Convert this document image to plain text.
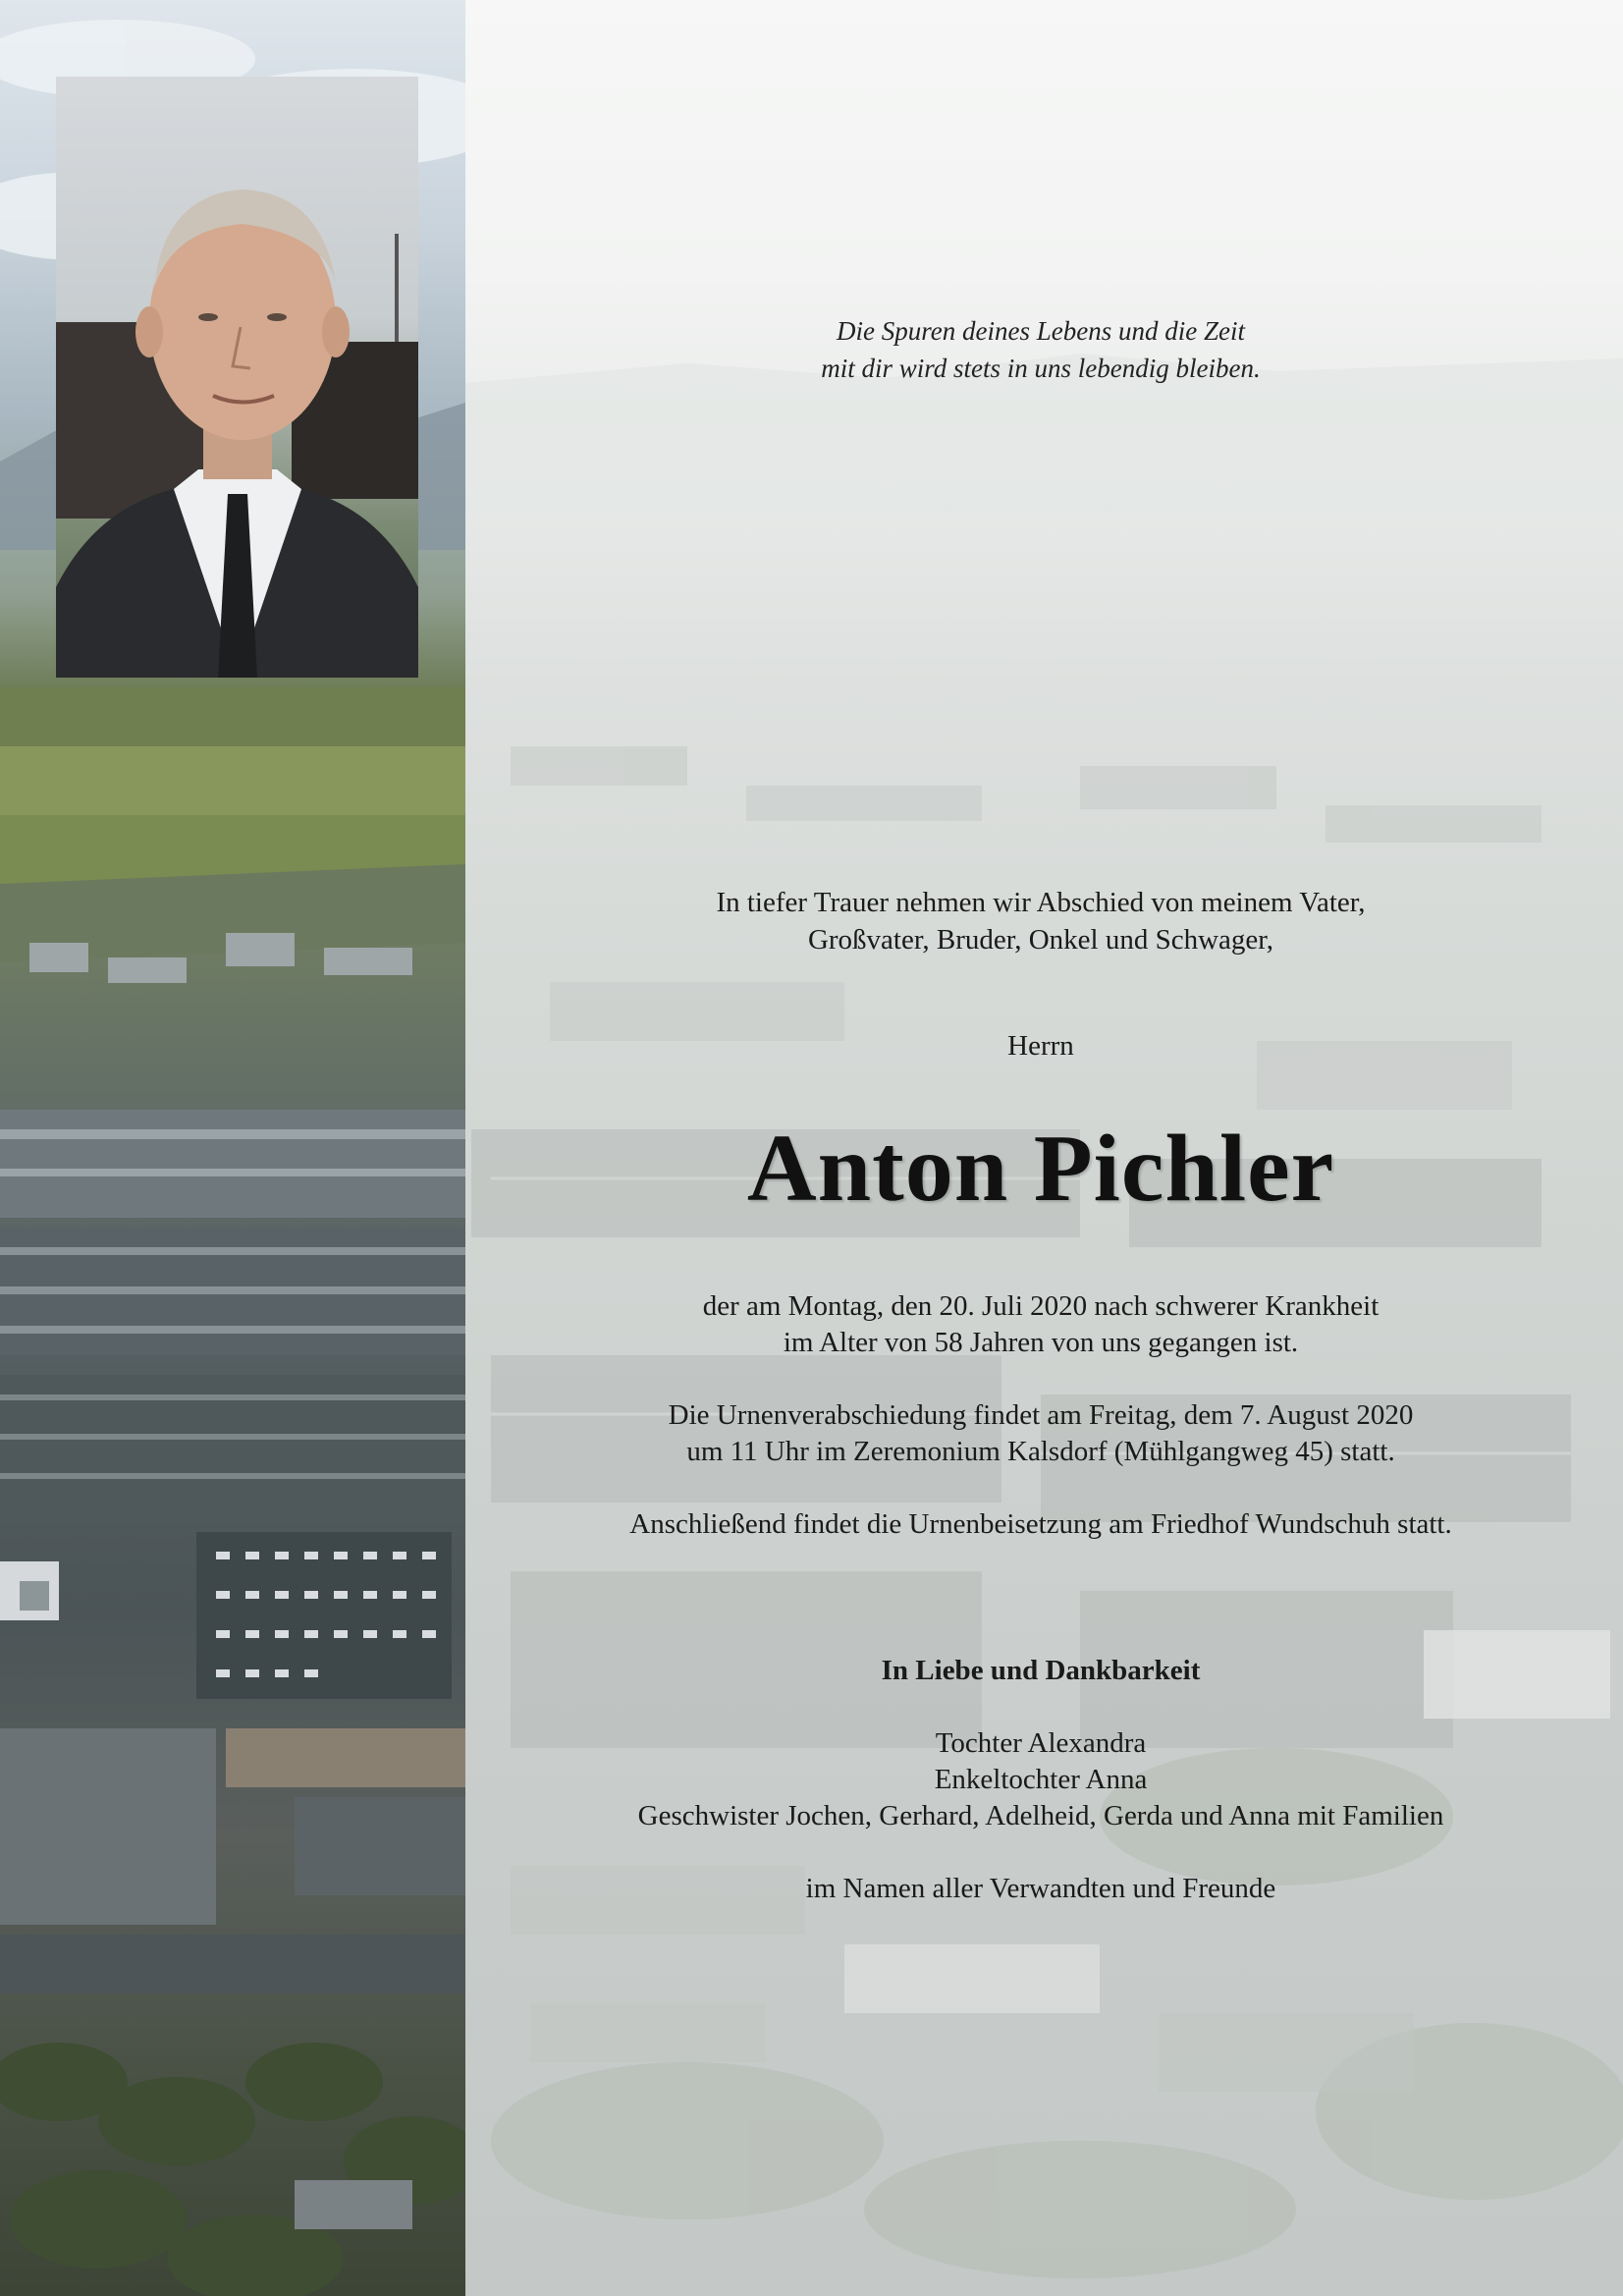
Die Spuren deines Lebens und die Zeit
mit dir wird stets in uns lebendig bleiben.
In tiefer Trauer nehmen wir Abschied von meinem Vater,
Großvater, Bruder, Onkel und Schwager,
Herrn
Anton Pichler
der am Montag, den 20. Juli 2020 nach schwerer Krankheit
im Alter von 58 Jahren von uns gegangen ist.
Die Urnenverabschiedung findet am Freitag, dem 7. August 2020
um 11 Uhr im Zeremonium Kalsdorf (Mühlgangweg 45) statt.
Anschließend findet die Urnenbeisetzung am Friedhof Wundschuh statt.
In Liebe und Dankbarkeit
Tochter Alexandra
Enkeltochter Anna
Geschwister Jochen, Gerhard, Adelheid, Gerda und Anna mit Familien
im Namen aller Verwandten und Freunde
